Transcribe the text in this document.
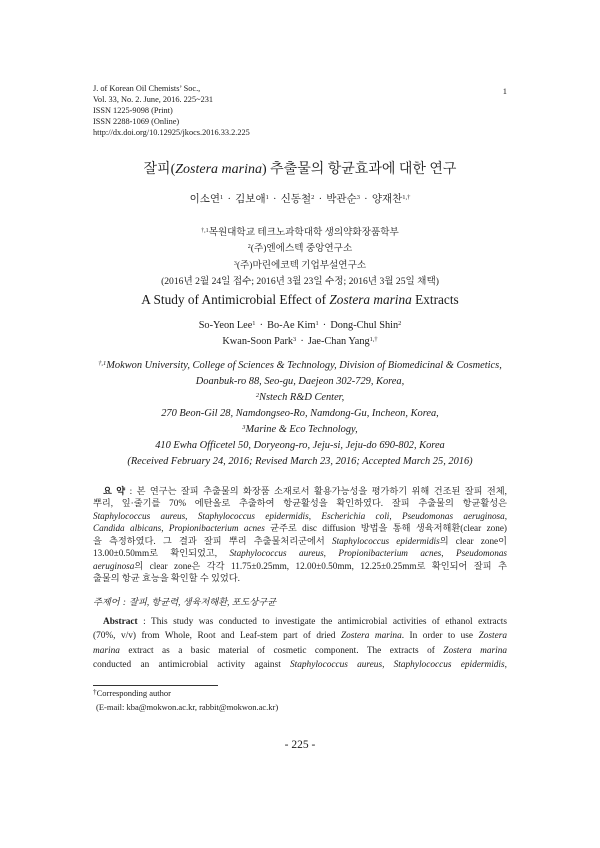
J. of Korean Oil Chemists’ Soc.,
Vol. 33, No. 2. June, 2016. 225~231
ISSN 1225-9098 (Print)
ISSN 2288-1069 (Online)
http://dx.doi.org/10.12925/jkocs.2016.33.2.225
1
잘피(Zostera marina) 추출물의 항균효과에 대한 연구
이소연$^1$ · 김보애$^1$ · 신동철$^2$ · 박관순$^3$ · 양재찬$^{1,\dagger}$
$^{\dagger,1}$목원대학교 테크노과학대학 생의약화장품학부
$^2$(주)엔에스텍 중앙연구소
$^3$(주)마린에코텍 기업부설연구소
(2016년 2월 24일 접수; 2016년 3월 23일 수정; 2016년 3월 25일 채택)
A Study of Antimicrobial Effect of Zostera marina Extracts
So-Yeon Lee$^1$ · Bo-Ae Kim$^1$ · Dong-Chul Shin$^2$
Kwan-Soon Park$^3$ · Jae-Chan Yang$^{1,\dagger}$
$^{\dagger,1}$Mokwon University, College of Sciences & Technology, Division of Biomedicinal & Cosmetics,
Doanbuk-ro 88, Seo-gu, Daejeon 302-729, Korea,
$^2$Nstech R&D Center,
270 Beon-Gil 28, Namdongseo-Ro, Namdong-Gu, Incheon, Korea,
$^3$Marine & Eco Technology,
410 Ewha Officetel 50, Doryeong-ro, Jeju-si, Jeju-do 690-802, Korea
(Received February 24, 2016; Revised March 23, 2016; Accepted March 25, 2016)
요 약 : 본 연구는 잘피 추출물의 화장품 소재로서 활용가능성을 평가하기 위해 건조된 잘피 전체,
뿌리, 잎·줄기를 70% 에탄올로 추출하여 항균활성을 확인하였다. 잘피 추출물의 항균활성은
Staphylococcus aureus, Staphylococcus epidermidis, Escherichia coli, Pseudomonas aeruginosa,
Candida albicans, Propionibacterium acnes 균주로 disc diffusion 방법을 통해 생육저해환(clear zone)
을 측정하였다. 그 결과 잘피 뿌리 추출물처리군에서 Staphylococcus epidermidis의 clear zone이
13.00±0.50mm로 확인되었고, Staphylococcus aureus, Propionibacterium acnes, Pseudomonas
aeruginosa의 clear zone은 각각 11.75±0.25mm, 12.00±0.50mm, 12.25±0.25mm로 확인되어 잘피 추
출물의 항균 효능을 확인할 수 있었다.
주제어 : 잘피, 항균력, 생육저해환, 포도상구균
Abstract : This study was conducted to investigate the antimicrobial activities of ethanol extracts
(70%, v/v) from Whole, Root and Leaf-stem part of dried Zostera marina. In order to use Zostera
marina extract as a basic material of cosmetic component. The extracts of Zostera marina
conducted an antimicrobial activity against Staphylococcus aureus, Staphylococcus epidermidis,
†Corresponding author
(E-mail: kba@mokwon.ac.kr, rabbit@mokwon.ac.kr)
- 225 -
